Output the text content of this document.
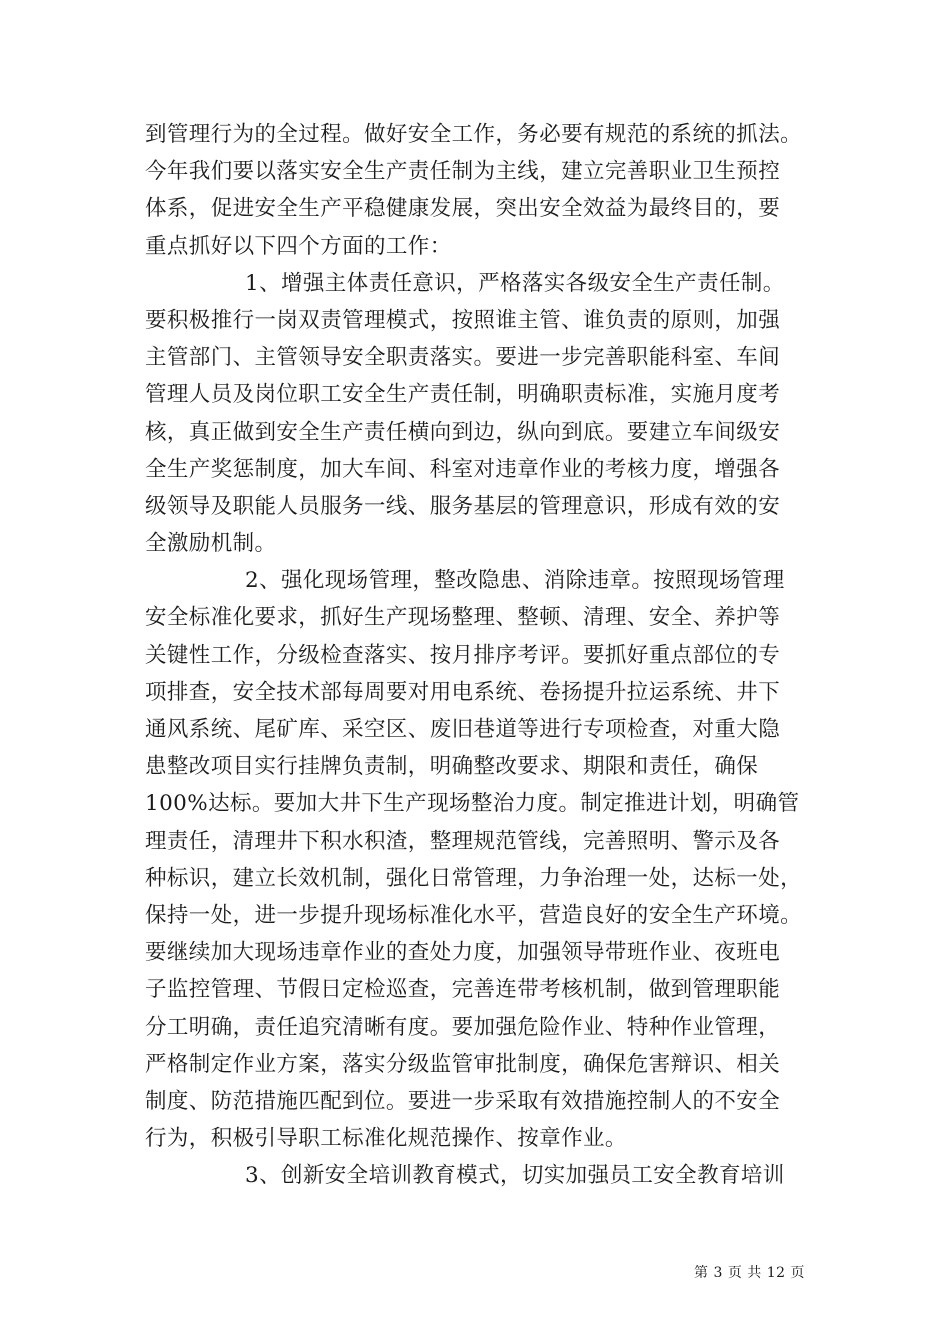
到管理行为的全过程。做好安全工作，务必要有规范的系统的抓法。
今年我们要以落实安全生产责任制为主线，建立完善职业卫生预控
体系，促进安全生产平稳健康发展，突出安全效益为最终目的，要
重点抓好以下四个方面的工作：
1、增强主体责任意识，严格落实各级安全生产责任制。
要积极推行一岗双责管理模式，按照谁主管、谁负责的原则，加强
主管部门、主管领导安全职责落实。要进一步完善职能科室、车间
管理人员及岗位职工安全生产责任制，明确职责标准，实施月度考
核，真正做到安全生产责任横向到边，纵向到底。要建立车间级安
全生产奖惩制度，加大车间、科室对违章作业的考核力度，增强各
级领导及职能人员服务一线、服务基层的管理意识，形成有效的安
全激励机制。
2、强化现场管理，整改隐患、消除违章。按照现场管理
安全标准化要求，抓好生产现场整理、整顿、清理、安全、养护等
关键性工作，分级检查落实、按月排序考评。要抓好重点部位的专
项排查，安全技术部每周要对用电系统、卷扬提升拉运系统、井下
通风系统、尾矿库、采空区、废旧巷道等进行专项检查，对重大隐
患整改项目实行挂牌负责制，明确整改要求、期限和责任，确保
100%达标。要加大井下生产现场整治力度。制定推进计划，明确管
理责任，清理井下积水积渣，整理规范管线，完善照明、警示及各
种标识，建立长效机制，强化日常管理，力争治理一处，达标一处，
保持一处，进一步提升现场标准化水平，营造良好的安全生产环境。
要继续加大现场违章作业的查处力度，加强领导带班作业、夜班电
子监控管理、节假日定检巡查，完善连带考核机制，做到管理职能
分工明确，责任追究清晰有度。要加强危险作业、特种作业管理，
严格制定作业方案，落实分级监管审批制度，确保危害辩识、相关
制度、防范措施匹配到位。要进一步采取有效措施控制人的不安全
行为，积极引导职工标准化规范操作、按章作业。
3、创新安全培训教育模式，切实加强员工安全教育培训
第 3 页 共 12 页
